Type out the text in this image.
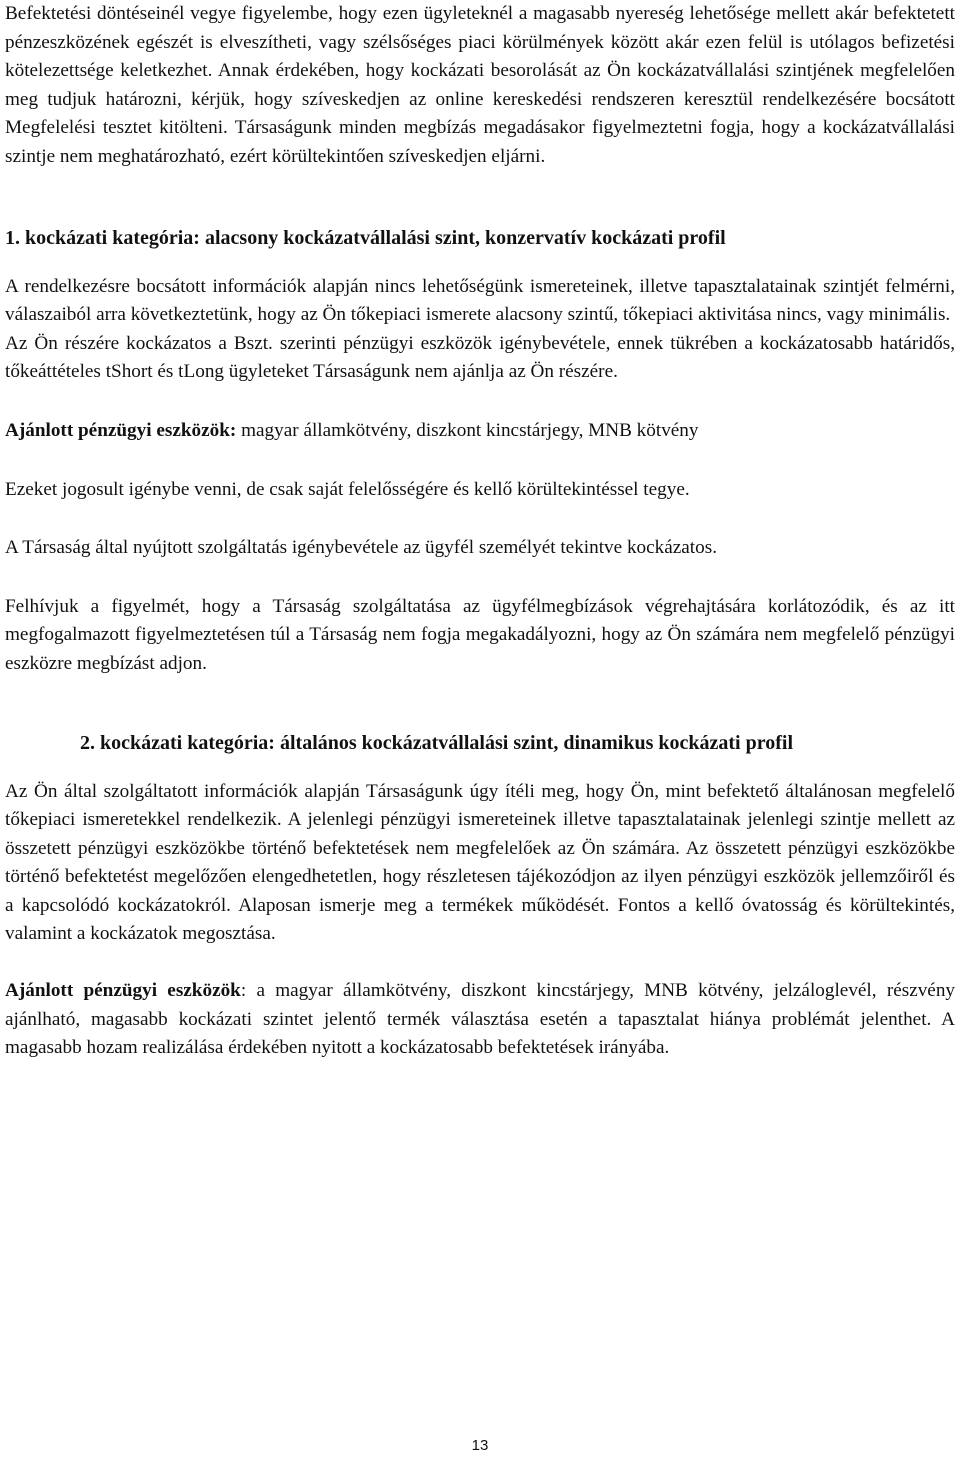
Befektetési döntéseinél vegye figyelembe, hogy ezen ügyleteknél a magasabb nyereség lehetősége mellett akár befektetett pénzeszközének egészét is elveszítheti, vagy szélsőséges piaci körülmények között akár ezen felül is utólagos befizetési kötelezettsége keletkezhet. Annak érdekében, hogy kockázati besorolását az Ön kockázatvállalási szintjének megfelelően meg tudjuk határozni, kérjük, hogy szíveskedjen az online kereskedési rendszeren keresztül rendelkezésére bocsátott Megfelelési tesztet kitölteni. Társaságunk minden megbízás megadásakor figyelmeztetni fogja, hogy a kockázatvállalási szintje nem meghatározható, ezért körültekintően szíveskedjen eljárni.

1. kockázati kategória: alacsony kockázatvállalási szint, konzervatív kockázati profil

A rendelkezésre bocsátott információk alapján nincs lehetőségünk ismereteinek, illetve tapasztalatainak szintjét felmérni, válaszaiból arra következtetünk, hogy az Ön tőkepiaci ismerete alacsony szintű, tőkepiaci aktivitása nincs, vagy minimális.

Az Ön részére kockázatos a Bszt. szerinti pénzügyi eszközök igénybevétele, ennek tükrében a kockázatosabb határidős, tőkeáttételes tShort és tLong ügyleteket Társaságunk nem ajánlja az Ön részére.

Ajánlott pénzügyi eszközök: magyar államkötvény, diszkont kincstárjegy, MNB kötvény

Ezeket jogosult igénybe venni, de csak saját felelősségére és kellő körültekintéssel tegye.

A Társaság által nyújtott szolgáltatás igénybevétele az ügyfél személyét tekintve kockázatos.

Felhívjuk a figyelmét, hogy a Társaság szolgáltatása az ügyfélmegbízások végrehajtására korlátozódik, és az itt megfogalmazott figyelmeztetésen túl a Társaság nem fogja megakadályozni, hogy az Ön számára nem megfelelő pénzügyi eszközre megbízást adjon.

2. kockázati kategória: általános kockázatvállalási szint, dinamikus kockázati profil

Az Ön által szolgáltatott információk alapján Társaságunk úgy ítéli meg, hogy Ön, mint befektető általánosan megfelelő tőkepiaci ismeretekkel rendelkezik. A jelenlegi pénzügyi ismereteinek illetve tapasztalatainak jelenlegi szintje mellett az összetett pénzügyi eszközökbe történő befektetések nem megfelelőek az Ön számára. Az összetett pénzügyi eszközökbe történő befektetést megelőzően elengedhetetlen, hogy részletesen tájékozódjon az ilyen pénzügyi eszközök jellemzőiről és a kapcsolódó kockázatokról. Alaposan ismerje meg a termékek működését. Fontos a kellő óvatosság és körültekintés, valamint a kockázatok megosztása.

Ajánlott pénzügyi eszközök: a magyar államkötvény, diszkont kincstárjegy, MNB kötvény, jelzáloglevél, részvény ajánlható, magasabb kockázati szintet jelentő termék választása esetén a tapasztalat hiánya problémát jelenthet. A magasabb hozam realizálása érdekében nyitott a kockázatosabb befektetések irányába.

13
